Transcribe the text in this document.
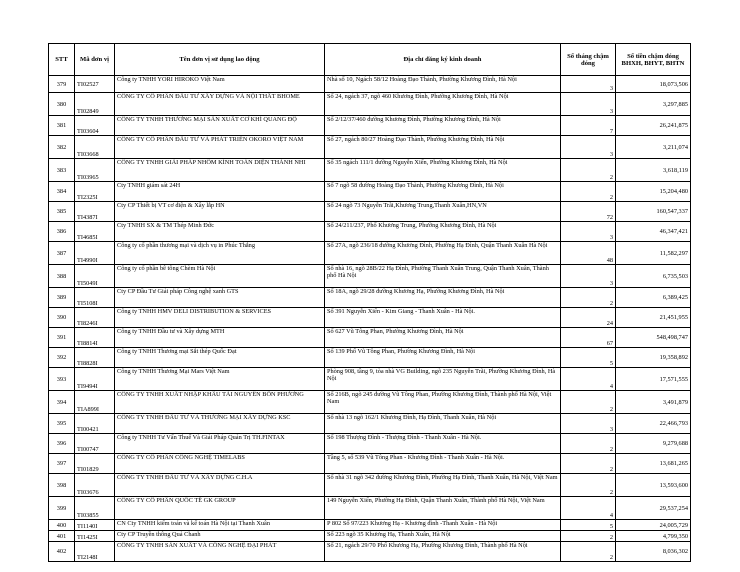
STT	Mã đơn vị	Tên đơn vị sử dụng lao động	Địa chỉ đăng ký kinh doanh	Số tháng chậm đóng	Số tiền chậm đóng BHXH, BHYT, BHTN
379	TI02527	Công ty TNHH YORI HIROKO Việt Nam	Nhà số 10, Ngách 58/12 Hoàng Đạo Thành, Phường Khương Đình, Hà Nội	3	18,073,506
380	TI02849	CÔNG TY CỔ PHẦN ĐẦU TƯ XÂY DỰNG VÀ NỘI THẤT BHOME	Số 24, ngách 37, ngõ 460 Khương Đình, Phường Khương Đình, Hà Nội	3	3,297,885
381	TI03604	CÔNG TY TNHH THƯƠNG MẠI SẢN XUẤT CƠ KHÍ QUANG ĐỘ	Số 2/12/37/460 đường Khương Đình, Phường Khương Đình, Hà Nội	7	26,241,875
382	TI03668	CÔNG TY CỔ PHẦN ĐẦU TƯ VÀ PHÁT TRIỂN OKORO VIỆT NAM	Số 27, ngách 80/27 Hoàng Đạo Thành, Phường Khương Đình, Hà Nội	3	3,211,074
383	TI03965	CÔNG TY TNHH GIẢI PHÁP NHÔM KÍNH TOÀN DIỆN THÀNH NHI	Số 35 ngách 111/1 đường Nguyễn Xiển, Phường Khương Đình, Hà Nội	2	3,618,119
384	TI2325I	Cty TNHH giám sát 24H	Số 7 ngõ 58 đường Hoàng Đạo Thành, Phường Khương Đình, Hà Nội	2	15,204,480
385	TI4387I	Cty CP Thiết bị VT cơ điện & Xây lắp HN	Số 24 ngõ 73 Nguyễn Trãi,Khương Trung,Thanh Xuân,HN,VN	72	160,547,337
386	TI4685I	Cty TNHH SX & TM Thép Minh Đức	Số 24/211/237, Phố Khương Trung, Phường Khương Đình, Hà Nội	3	46,347,421
387	TI4990I	Công ty cổ phần thương mại và dịch vụ in Phúc Thắng	Số 27A, ngõ 236/18 đường Khương Đình, Phường Hạ Đình, Quận Thanh Xuân Hà Nội	48	11,582,297
388	TI5049I	Công ty cổ phần bê tông Chèm Hà Nội	Số nhà 16, ngõ 28B/22 Hạ Đình, Phường Thanh Xuân Trung, Quận Thanh Xuân, Thành phố Hà Nội	3	6,735,503
389	TI5108I	Cty CP Đầu Tư Giải pháp Công nghệ xanh GTS	Số 18A, ngõ 29/28 đường Khương Hạ, Phường Khương Đình, Hà Nội	2	6,389,425
390	TI8246I	Công ty TNHH HMV DELI DISTRIBUTION & SERVICES	Số 391 Nguyễn Xiển - Kim Giang - Thanh Xuân - Hà Nội.	24	21,451,955
391	TI8814I	Công ty TNHH Đầu tư và Xây dựng MTH	Số 627 Vũ Tông Phan, Phường Khương Đình, Hà Nội	67	548,498,747
392	TI8828I	Công ty TNHH Thương mại Sắt thép Quốc Đạt	Số 139 Phố Vũ Tông Phan, Phường Khương Đình, Hà Nội	5	19,358,892
393	TI9494I	Công ty TNHH Thương Mại Mars Việt Nam	Phòng 908, tầng 9, tòa nhà VG Building, ngõ 235 Nguyễn Trãi, Phường Khương Đình, Hà Nội	4	17,571,555
394	TIA899I	CÔNG TY TNHH XUẤT NHẬP KHẨU TÀI NGUYÊN BỐN PHƯƠNG	Số 216B, ngõ 245 đường Vũ Tông Phan, Phường Khương Đình, Thành phố Hà Nội, Việt Nam	2	3,491,879
395	TI00421	CÔNG TY TNHH ĐẦU TƯ VÀ THƯƠNG MẠI XÂY DỰNG KSC	Số nhà 13 ngõ 162/1 Khương Đình, Hạ Đình, Thanh Xuân, Hà Nội	3	22,466,793
396	TI00747	Công ty TNHH Tư Vấn Thuế Và Giải Pháp Quản Trị TH.FINTAX	Số 198 Thượng Đình - Thượng Đình - Thanh Xuân - Hà Nội.	2	9,279,688
397	TI01829	CÔNG TY CỔ PHẦN CÔNG NGHỆ TIMELABS	Tầng 5, số 539 Vũ Tông Phan - Khương Đình - Thanh Xuân - Hà Nội.	2	13,681,265
398	TI03676	CÔNG TY TNHH ĐẦU TƯ VÀ XÂY DỰNG C.H.A	Số nhà 31 ngõ 342 đường Khương Đình, Phường Hạ Đình, Thanh Xuân, Hà Nội, Việt Nam	2	13,593,600
399	TI03855	CÔNG TY CỔ PHẦN QUỐC TẾ GK GROUP	149 Nguyễn Xiển, Phường Hạ Đình, Quận Thanh Xuân, Thành phố Hà Nội, Việt Nam	4	29,537,254
400	TI1140I	CN Cty TNHH kiểm toán và kế toán Hà Nội tại Thanh Xuân	P 802 Số 97/223 Khương Hạ - Khương đình -Thanh Xuân - Hà Nội	5	24,005,729
401	TI1425I	Cty CP Truyền thông Quả Chanh	Số 223 ngõ 35 Khương Hạ, Thanh Xuân, Hà Nội	2	4,799,350
402	TI2148I	CÔNG TY TNHH SẢN XUẤT VÀ CÔNG NGHỆ ĐẠI PHÁT	Số 21, ngách 29/70 Phố Khương Hạ, Phường Khương Đình, Thành phố Hà Nội	2	8,036,302
